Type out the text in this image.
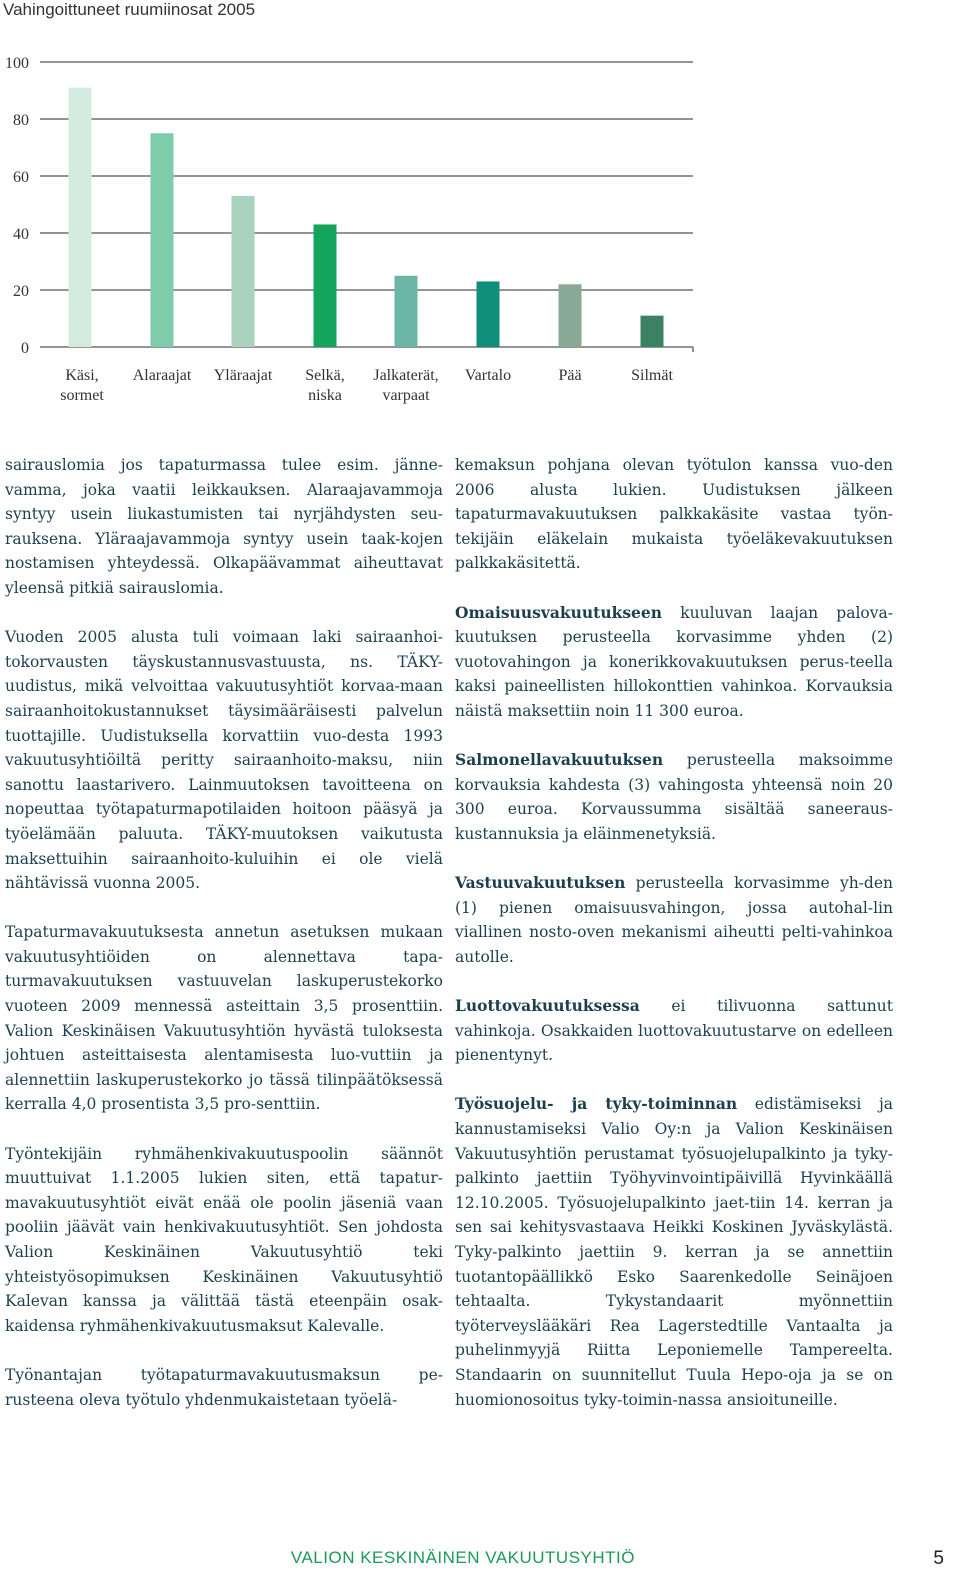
Vahingoittuneet ruumiinosat 2005
0
20
40
60
80
100
Käsi, sormet
Alaraajat Yläraajat Selkä, niska
Jalkaterät, varpaat
Vartalo	Pää	Silmät

sairauslomia jos tapaturmassa tulee esim. jänne-vamma, joka vaatii leikkauksen. Alaraajavammoja syntyy usein liukastumisten tai nyrjähdysten seu-rauksena. Yläraajavammoja syntyy usein taak-kojen nostamisen yhteydessä. Olkapäävammat aiheuttavat yleensä pitkiä sairauslomia.

Vuoden 2005 alusta tuli voimaan laki sairaanhoi-tokorvausten täyskustannusvastuusta, ns. TÄKY-uudistus, mikä velvoittaa vakuutusyhtiöt korvaa-maan sairaanhoitokustannukset täysimääräisesti palvelun tuottajille. Uudistuksella korvattiin vuo-desta 1993 vakuutusyhtiöiltä peritty sairaanhoito-maksu, niin sanottu laastarivero. Lainmuutoksen tavoitteena on nopeuttaa työtapaturmapotilaiden hoitoon pääsyä ja työelämään paluuta. TÄKY-muutoksen vaikutusta maksettuihin sairaanhoito-kuluihin ei ole vielä nähtävissä vuonna 2005.

Tapaturmavakuutuksesta annetun asetuksen mukaan vakuutusyhtiöiden on alennettava tapa-turmavakuutuksen vastuuvelan laskuperustekorko vuoteen 2009 mennessä asteittain 3,5 prosenttiin. Valion Keskinäisen Vakuutusyhtiön hyvästä tuloksesta johtuen asteittaisesta alentamisesta luo-vuttiin ja alennettiin laskuperustekorko jo tässä tilinpäätöksessä kerralla 4,0 prosentista 3,5 pro-senttiin.

Työntekijäin ryhmähenkivakuutuspoolin säännöt muuttuivat 1.1.2005 lukien siten, että tapatur-mavakuutusyhtiöt eivät enää ole poolin jäseniä vaan pooliin jäävät vain henkivakuutusyhtiöt. Sen johdosta Valion Keskinäinen Vakuutusyhtiö teki yhteistyösopimuksen Keskinäinen Vakuutusyhtiö Kalevan kanssa ja välittää tästä eteenpäin osak-kaidensa ryhmähenkivakuutusmaksut Kalevalle.

Työnantajan työtapaturmavakuutusmaksun pe-rusteena oleva työtulo yhdenmukaistetaan työelä-

kemaksun pohjana olevan työtulon kanssa vuo-den 2006 alusta lukien. Uudistuksen jälkeen tapaturmavakuutuksen palkkakäsite vastaa työn-tekijäin eläkelain mukaista työeläkevakuutuksen palkkakäsitettä.

Omaisuusvakuutukseen kuuluvan laajan palova-kuutuksen perusteella korvasimme yhden (2) vuotovahingon ja konerikkovakuutuksen perus-teella kaksi paineellisten hillokonttien vahinkoa. Korvauksia näistä maksettiin noin 11 300 euroa.

Salmonellavakuutuksen perusteella maksoimme korvauksia kahdesta (3) vahingosta yhteensä noin 20 300 euroa. Korvaussumma sisältää saneeraus-kustannuksia ja eläinmenetyksiä.

Vastuuvakuutuksen perusteella korvasimme yh-den (1) pienen omaisuusvahingon, jossa autohal-lin viallinen nosto-oven mekanismi aiheutti pelti-vahinkoa autolle.

Luottovakuutuksessa ei tilivuonna sattunut vahinkoja. Osakkaiden luottovakuutustarve on edelleen pienentynyt.

Työsuojelu- ja tyky-toiminnan edistämiseksi ja kannustamiseksi Valio Oy:n ja Valion Keskinäisen Vakuutusyhtiön perustamat työsuojelupalkinto ja tyky-palkinto jaettiin Työhyvinvointipäivillä Hyvinkäällä 12.10.2005. Työsuojelupalkinto jaet-tiin 14. kerran ja sen sai kehitysvastaava Heikki Koskinen Jyväskylästä. Tyky-palkinto jaettiin 9. kerran ja se annettiin tuotantopäällikkö Esko Saarenkedolle Seinäjoen tehtaalta. Tykystandaarit myönnettiin työterveyslääkäri Rea Lagerstedtille Vantaalta ja puhelinmyyjä Riitta Leponiemelle Tampereelta. Standaarin on suunnitellut Tuula Hepo-oja ja se on huomionosoitus tyky-toimin-nassa ansioituneille.

VALION KESKINÄINEN VAKUUTUSYHTIÖ	5
